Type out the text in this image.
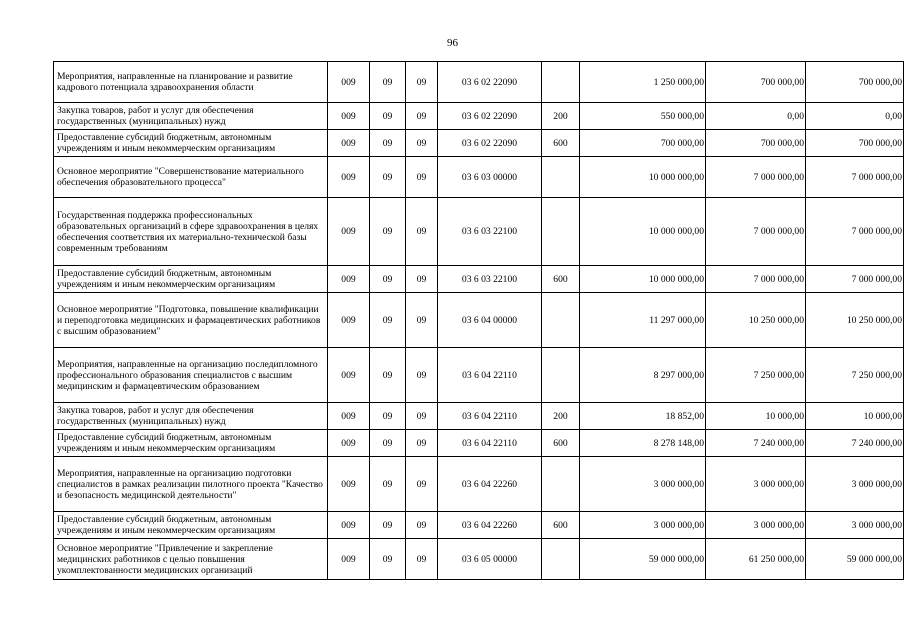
96
Мероприятия, направленные на планирование и развитие кадрового потенциала здравоохранения области	009	09	09	03 6 02 22090		1 250 000,00	700 000,00	700 000,00
Закупка товаров, работ и услуг для обеспечения государственных (муниципальных) нужд	009	09	09	03 6 02 22090	200	550 000,00	0,00	0,00
Предоставление субсидий бюджетным, автономным учреждениям и иным некоммерческим организациям	009	09	09	03 6 02 22090	600	700 000,00	700 000,00	700 000,00
Основное мероприятие "Совершенствование материального обеспечения образовательного процесса"	009	09	09	03 6 03 00000		10 000 000,00	7 000 000,00	7 000 000,00
Государственная поддержка профессиональных образовательных организаций в сфере здравоохранения в целях обеспечения соответствия их материально-технической базы современным требованиям	009	09	09	03 6 03 22100		10 000 000,00	7 000 000,00	7 000 000,00
Предоставление субсидий бюджетным, автономным учреждениям и иным некоммерческим организациям	009	09	09	03 6 03 22100	600	10 000 000,00	7 000 000,00	7 000 000,00
Основное мероприятие "Подготовка, повышение квалификации и переподготовка медицинских и фармацевтических работников с высшим образованием"	009	09	09	03 6 04 00000		11 297 000,00	10 250 000,00	10 250 000,00
Мероприятия, направленные на организацию последипломного профессионального образования специалистов с высшим медицинским и фармацевтическим образованием	009	09	09	03 6 04 22110		8 297 000,00	7 250 000,00	7 250 000,00
Закупка товаров, работ и услуг для обеспечения государственных (муниципальных) нужд	009	09	09	03 6 04 22110	200	18 852,00	10 000,00	10 000,00
Предоставление субсидий бюджетным, автономным учреждениям и иным некоммерческим организациям	009	09	09	03 6 04 22110	600	8 278 148,00	7 240 000,00	7 240 000,00
Мероприятия, направленные на организацию подготовки специалистов в рамках реализации пилотного проекта "Качество и безопасность медицинской деятельности"	009	09	09	03 6 04 22260		3 000 000,00	3 000 000,00	3 000 000,00
Предоставление субсидий бюджетным, автономным учреждениям и иным некоммерческим организациям	009	09	09	03 6 04 22260	600	3 000 000,00	3 000 000,00	3 000 000,00
Основное мероприятие "Привлечение и закрепление медицинских работников с целью повышения укомплектованности медицинских организаций	009	09	09	03 6 05 00000		59 000 000,00	61 250 000,00	59 000 000,00
